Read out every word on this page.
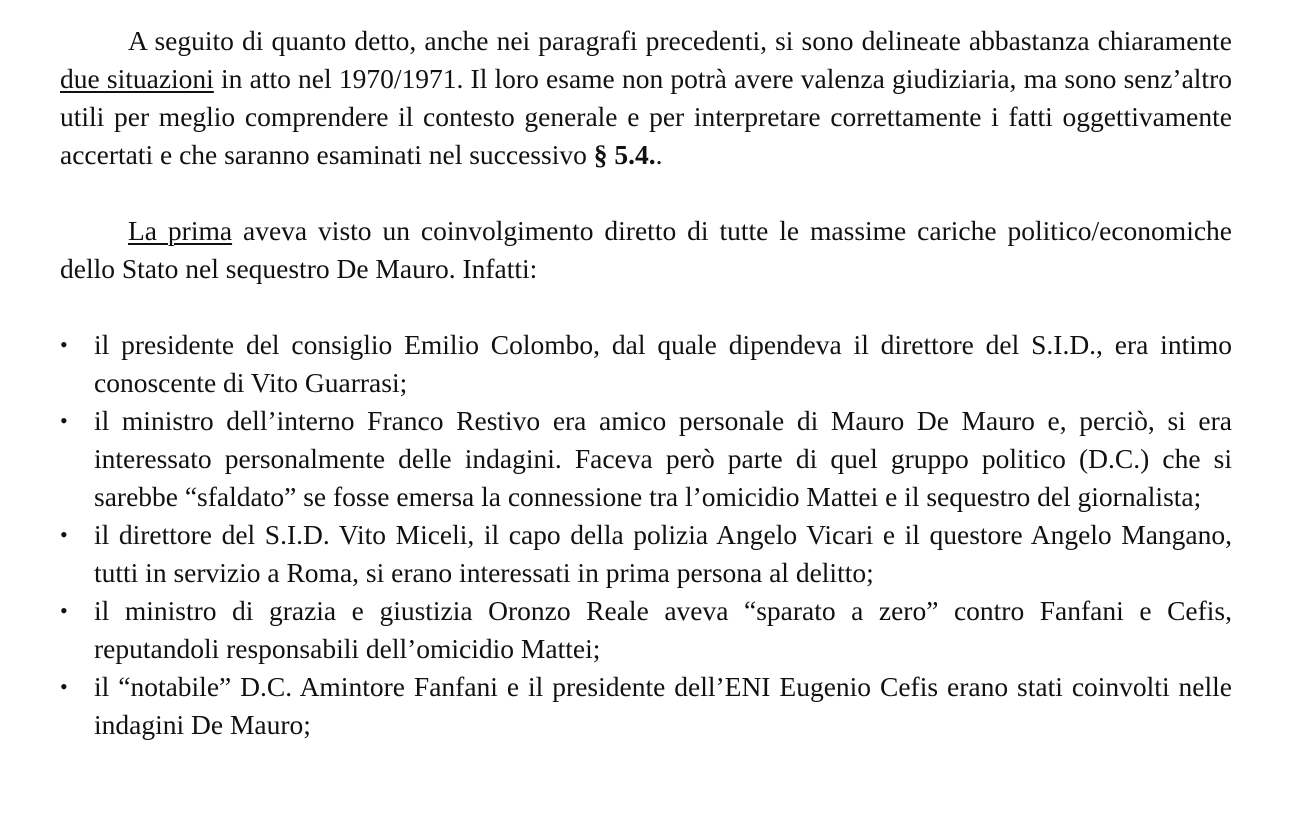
A seguito di quanto detto, anche nei paragrafi precedenti, si sono delineate abbastanza chiaramente due situazioni in atto nel 1970/1971. Il loro esame non potrà avere valenza giudiziaria, ma sono senz’altro utili per meglio comprendere il contesto generale e per interpretare correttamente i fatti oggettivamente accertati e che saranno esaminati nel successivo § 5.4..

La prima aveva visto un coinvolgimento diretto di tutte le massime cariche politico/economiche dello Stato nel sequestro De Mauro. Infatti:

• il presidente del consiglio Emilio Colombo, dal quale dipendeva il direttore del S.I.D., era intimo conoscente di Vito Guarrasi;
• il ministro dell’interno Franco Restivo era amico personale di Mauro De Mauro e, perciò, si era interessato personalmente delle indagini. Faceva però parte di quel gruppo politico (D.C.) che si sarebbe “sfaldato” se fosse emersa la connessione tra l’omicidio Mattei e il sequestro del giornalista;
• il direttore del S.I.D. Vito Miceli, il capo della polizia Angelo Vicari e il questore Angelo Mangano, tutti in servizio a Roma, si erano interessati in prima persona al delitto;
• il ministro di grazia e giustizia Oronzo Reale aveva “sparato a zero” contro Fanfani e Cefis, reputandoli responsabili dell’omicidio Mattei;
• il “notabile” D.C. Amintore Fanfani e il presidente dell’ENI Eugenio Cefis erano stati coinvolti nelle indagini De Mauro;
